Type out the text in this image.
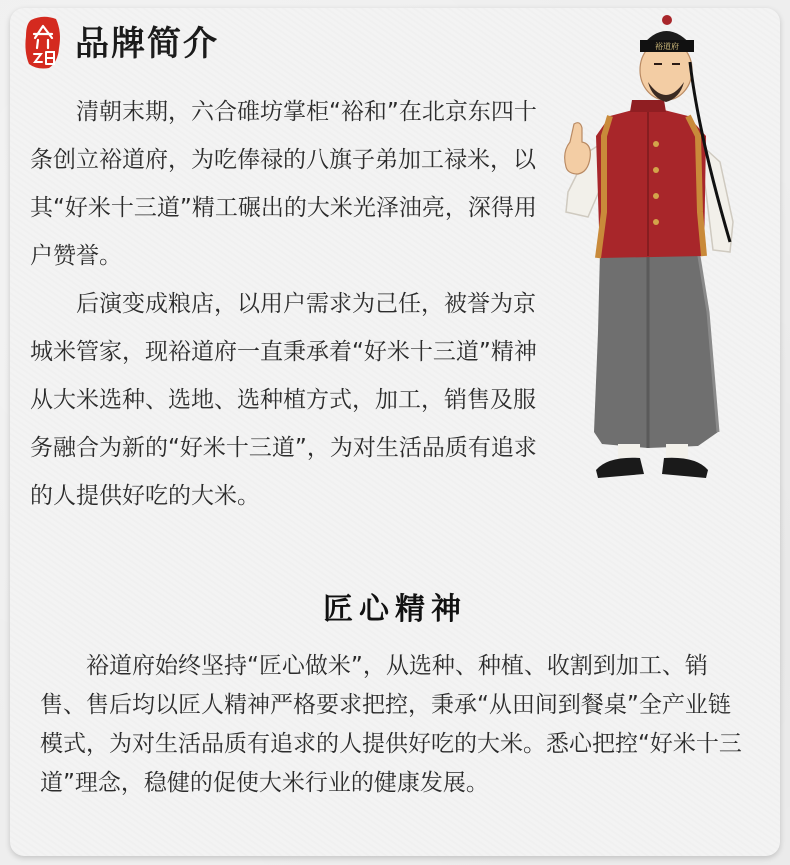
品牌简介

清朝末期，六合碓坊掌柜“裕和”在北京东四十条创立裕道府，为吃俸禄的八旗子弟加工禄米，以其“好米十三道”精工碾出的大米光泽油亮，深得用户赞誉。

后演变成粮店，以用户需求为己任，被誉为京城米管家，现裕道府一直秉承着“好米十三道”精神从大米选种、选地、选种植方式，加工，销售及服务融合为新的“好米十三道”，为对生活品质有追求的人提供好吃的大米。

裕道府
匠心精神

裕道府始终坚持“匠心做米”，从选种、种植、收割到加工、销售、售后均以匠人精神严格要求把控，秉承“从田间到餐桌”全产业链模式，为对生活品质有追求的人提供好吃的大米。悉心把控“好米十三道”理念，稳健的促使大米行业的健康发展。
